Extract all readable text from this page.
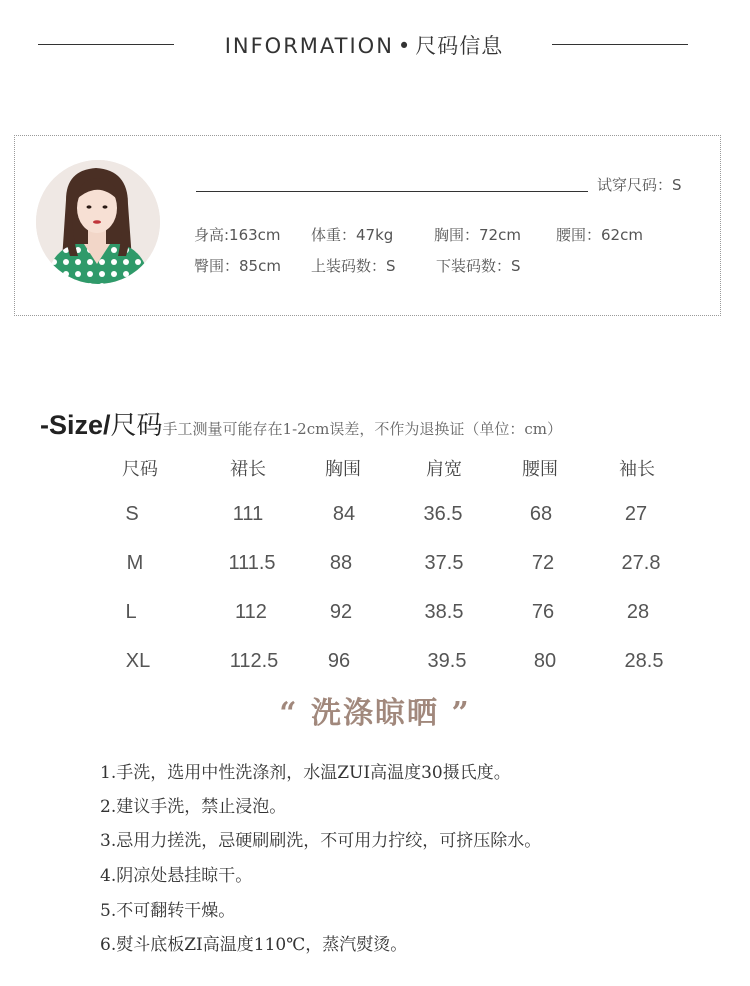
INFORMATION • 尺码信息
试穿尺码：S
身高:163cm 体重：47kg	胸围：72cm 腰围：62cm
臀围：85cm 上装码数：S	下装码数：S
-Size/尺码手工测量可能存在1-2cm误差，不作为退换证（单位：cm）
尺码	裙长	胸围	肩宽	腰围	袖长
S	111	84	36.5	68	27
M	111.5	88	37.5	72	27.8
L	112	92	38.5	76	28
XL	112.5	96	39.5	80	28.5
“ 洗涤晾晒 ”
1.手洗，选用中性洗涤剂，水温ZUI高温度30摄氏度。
2.建议手洗，禁止浸泡。
3.忌用力搓洗，忌硬刷刷洗，不可用力拧绞，可挤压除水。
4.阴凉处悬挂晾干。
5.不可翻转干燥。
6.熨斗底板ZI高温度110℃，蒸汽熨烫。
